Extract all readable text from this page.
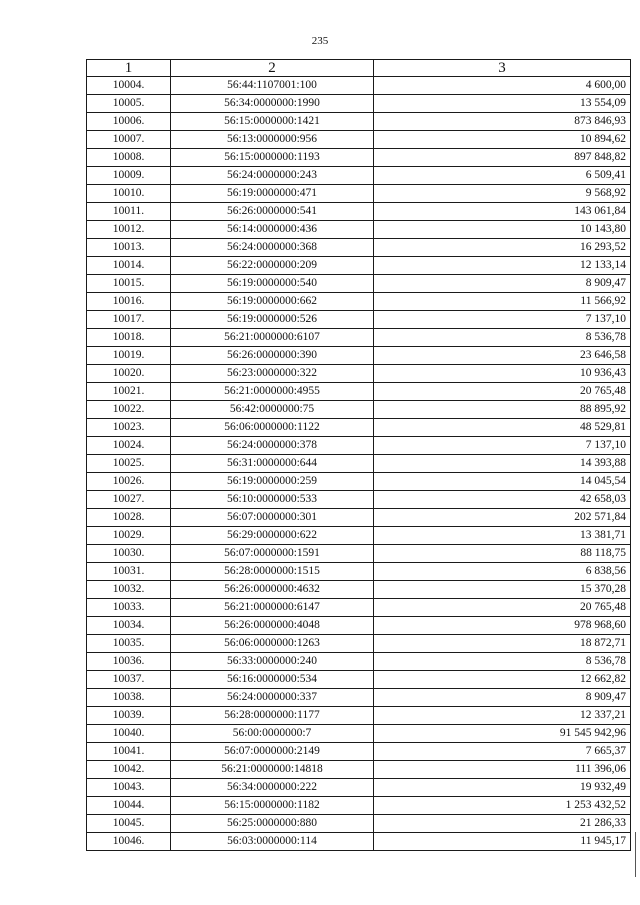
235
1	2	3
10004.	56:44:1107001:100	4 600,00
10005.	56:34:0000000:1990	13 554,09
10006.	56:15:0000000:1421	873 846,93
10007.	56:13:0000000:956	10 894,62
10008.	56:15:0000000:1193	897 848,82
10009.	56:24:0000000:243	6 509,41
10010.	56:19:0000000:471	9 568,92
10011.	56:26:0000000:541	143 061,84
10012.	56:14:0000000:436	10 143,80
10013.	56:24:0000000:368	16 293,52
10014.	56:22:0000000:209	12 133,14
10015.	56:19:0000000:540	8 909,47
10016.	56:19:0000000:662	11 566,92
10017.	56:19:0000000:526	7 137,10
10018.	56:21:0000000:6107	8 536,78
10019.	56:26:0000000:390	23 646,58
10020.	56:23:0000000:322	10 936,43
10021.	56:21:0000000:4955	20 765,48
10022.	56:42:0000000:75	88 895,92
10023.	56:06:0000000:1122	48 529,81
10024.	56:24:0000000:378	7 137,10
10025.	56:31:0000000:644	14 393,88
10026.	56:19:0000000:259	14 045,54
10027.	56:10:0000000:533	42 658,03
10028.	56:07:0000000:301	202 571,84
10029.	56:29:0000000:622	13 381,71
10030.	56:07:0000000:1591	88 118,75
10031.	56:28:0000000:1515	6 838,56
10032.	56:26:0000000:4632	15 370,28
10033.	56:21:0000000:6147	20 765,48
10034.	56:26:0000000:4048	978 968,60
10035.	56:06:0000000:1263	18 872,71
10036.	56:33:0000000:240	8 536,78
10037.	56:16:0000000:534	12 662,82
10038.	56:24:0000000:337	8 909,47
10039.	56:28:0000000:1177	12 337,21
10040.	56:00:0000000:7	91 545 942,96
10041.	56:07:0000000:2149	7 665,37
10042.	56:21:0000000:14818	111 396,06
10043.	56:34:0000000:222	19 932,49
10044.	56:15:0000000:1182	1 253 432,52
10045.	56:25:0000000:880	21 286,33
10046.	56:03:0000000:114	11 945,17
